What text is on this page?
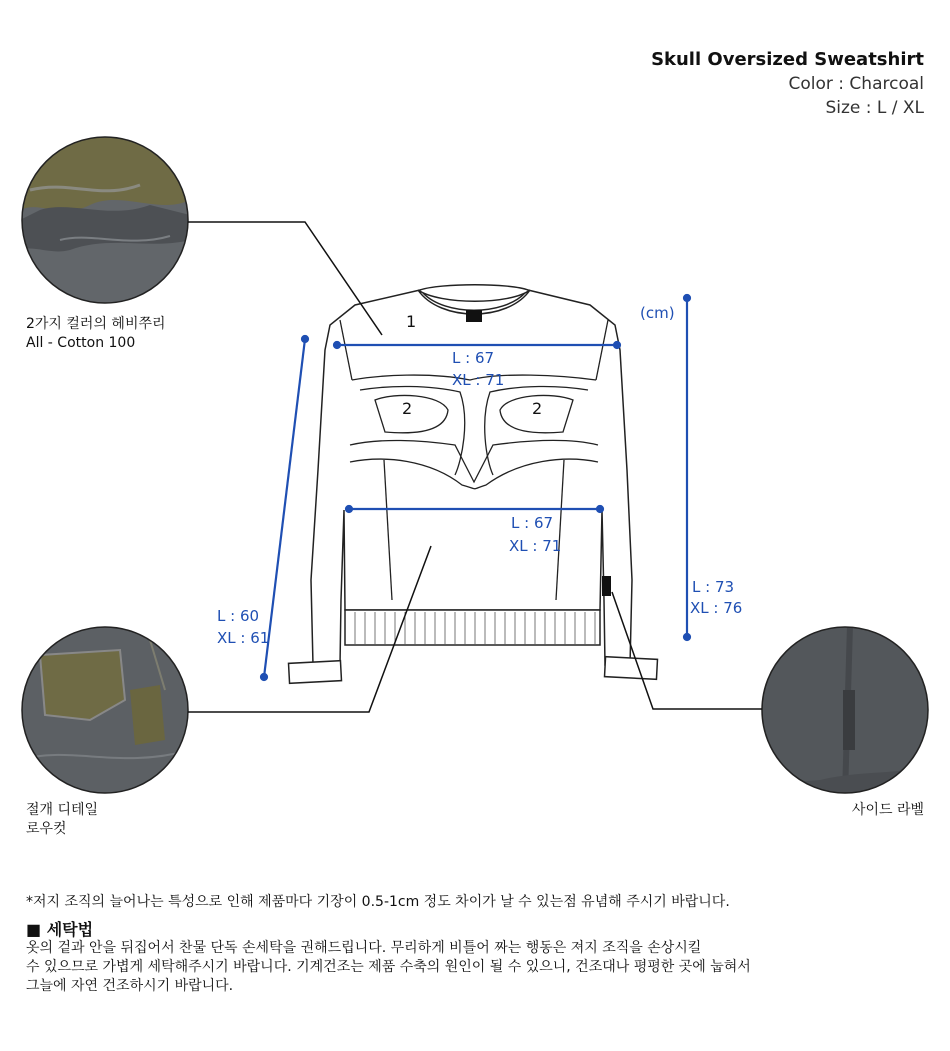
Skull Oversized Sweatshirt
Color : Charcoal
Size : L / XL
1
2	2
(cm)
L : 67
XL : 71
L : 67
XL : 71
L : 60
XL : 61
L : 73
XL : 76
2가지 컬러의 헤비쭈리
All - Cotton 100
절개 디테일
로우컷
사이드 라벨
*저지 조직의 늘어나는 특성으로 인해 제품마다 기장이 0.5-1cm 정도 차이가 날 수 있는점 유념해 주시기 바랍니다.
■ 세탁법
옷의 겉과 안을 뒤집어서 찬물 단독 손세탁을 권해드립니다. 무리하게 비틀어 짜는 행동은 져지 조직을 손상시킬
수 있으므로 가볍게 세탁해주시기 바랍니다. 기계건조는 제품 수축의 원인이 될 수 있으니, 건조대나 평평한 곳에 눕혀서
그늘에 자연 건조하시기 바랍니다.
